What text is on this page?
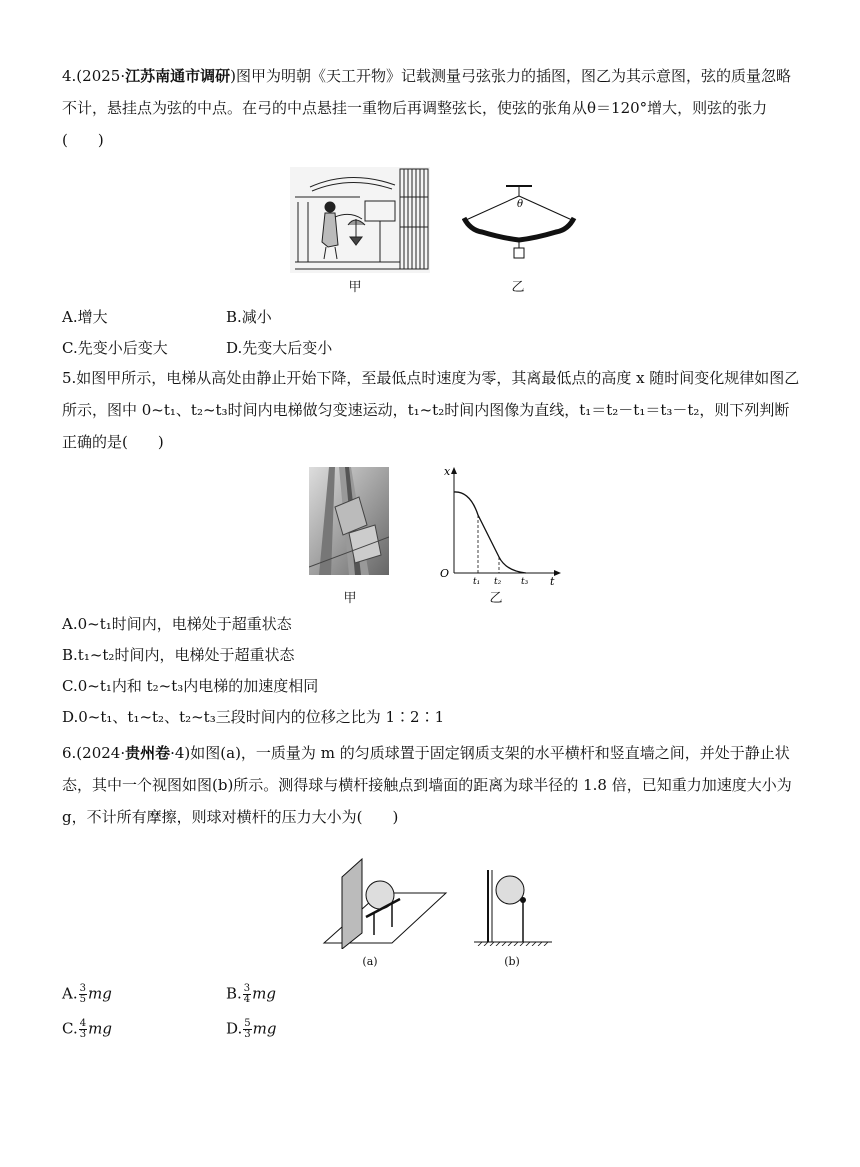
4.(2025·江苏南通市调研)图甲为明朝《天工开物》记载测量弓弦张力的插图，图乙为其示意图，弦的质量忽略不计，悬挂点为弦的中点。在弓的中点悬挂一重物后再调整弦长，使弦的张角从θ＝120°增大，则弦的张力(　　)
甲
θ
乙
A.增大	B.减小
C.先变小后变大	D.先变大后变小
5.如图甲所示，电梯从高处由静止开始下降，至最低点时速度为零，其离最低点的高度 x 随时间变化规律如图乙所示，图中 0~t₁、t₂~t₃时间内电梯做匀变速运动，t₁~t₂时间内图像为直线，t₁＝t₂－t₁＝t₃－t₂，则下列判断正确的是(　　)
甲
x
t
O
t₁ t₂ t₃
乙
A.0~t₁时间内，电梯处于超重状态
B.t₁~t₂时间内，电梯处于超重状态
C.0~t₁内和 t₂~t₃内电梯的加速度相同
D.0~t₁、t₁~t₂、t₂~t₃三段时间内的位移之比为 1∶2∶1
6.(2024·贵州卷·4)如图(a)，一质量为 m 的匀质球置于固定钢质支架的水平横杆和竖直墙之间，并处于静止状态，其中一个视图如图(b)所示。测得球与横杆接触点到墙面的距离为球半径的 1.8 倍，已知重力加速度大小为 g，不计所有摩擦，则球对横杆的压力大小为(　　)
(a)	(b)
A. $\frac{3}{5}$ mg	B. $\frac{3}{4}$ mg
C. $\frac{4}{3}$ mg	D. $\frac{5}{3}$ mg
